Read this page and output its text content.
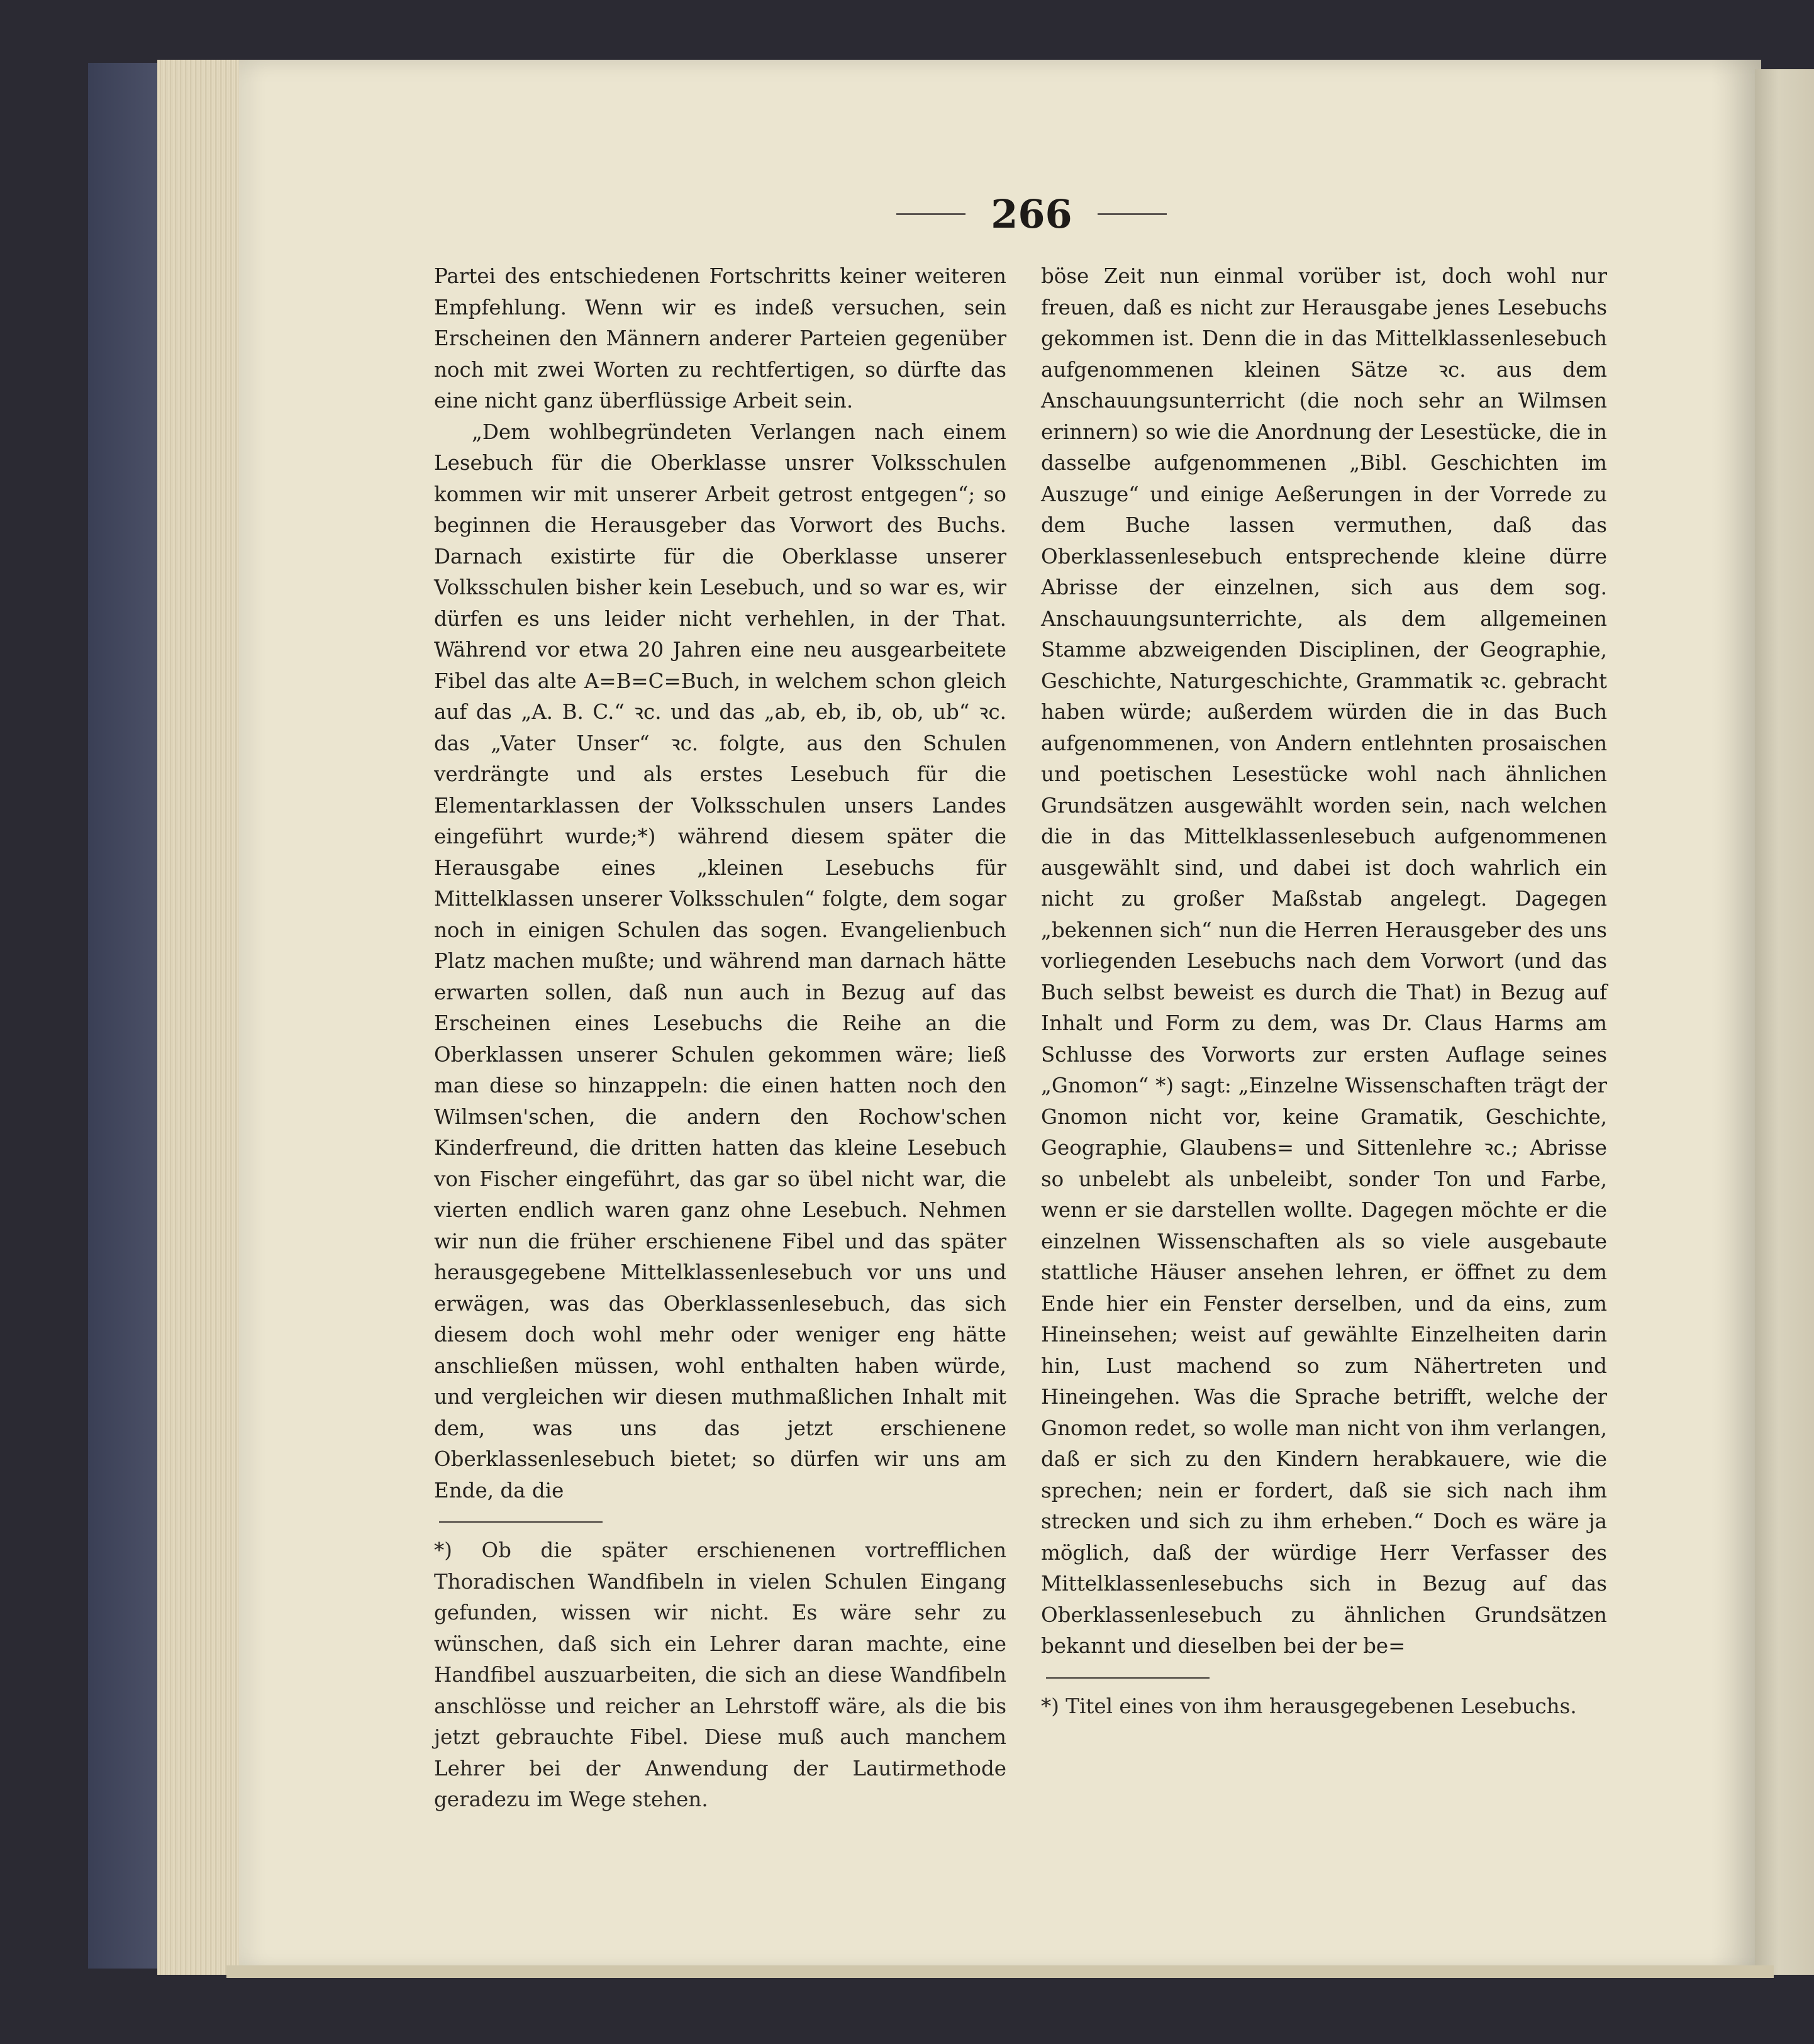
266

Partei des entschiedenen Fortschritts keiner weiteren Empfehlung. Wenn wir es indeß versuchen, sein Erscheinen den Männern anderer Parteien gegenüber noch mit zwei Worten zu rechtfertigen, so dürfte das eine nicht ganz überflüssige Arbeit sein.

„Dem wohlbegründeten Verlangen nach einem Lesebuch für die Oberklasse unsrer Volksschulen kommen wir mit unserer Arbeit getrost entgegen“; so beginnen die Herausgeber das Vorwort des Buchs. Darnach existirte für die Oberklasse unserer Volksschulen bisher kein Lesebuch, und so war es, wir dürfen es uns leider nicht verhehlen, in der That. Während vor etwa 20 Jahren eine neu ausgearbeitete Fibel das alte A=B=C=Buch, in welchem schon gleich auf das „A. B. C.“ ꝛc. und das „ab, eb, ib, ob, ub“ ꝛc. das „Vater Unser“ ꝛc. folgte, aus den Schulen verdrängte und als erstes Lesebuch für die Elementarklassen der Volksschulen unsers Landes eingeführt wurde;*) während diesem später die Herausgabe eines „kleinen Lesebuchs für Mittelklassen unserer Volksschulen“ folgte, dem sogar noch in einigen Schulen das sogen. Evangelienbuch Platz machen mußte; und während man darnach hätte erwarten sollen, daß nun auch in Bezug auf das Erscheinen eines Lesebuchs die Reihe an die Oberklassen unserer Schulen gekommen wäre; ließ man diese so hinzappeln: die einen hatten noch den Wilmsen'schen, die andern den Rochow'schen Kinderfreund, die dritten hatten das kleine Lesebuch von Fischer eingeführt, das gar so übel nicht war, die vierten endlich waren ganz ohne Lesebuch. Nehmen wir nun die früher erschienene Fibel und das später herausgegebene Mittelklassenlesebuch vor uns und erwägen, was das Oberklassenlesebuch, das sich diesem doch wohl mehr oder weniger eng hätte anschließen müssen, wohl enthalten haben würde, und vergleichen wir diesen muthmaßlichen Inhalt mit dem, was uns das jetzt erschienene Oberklassenlesebuch bietet; so dürfen wir uns am Ende, da die

*) Ob die später erschienenen vortrefflichen Thoradischen Wandfibeln in vielen Schulen Eingang gefunden, wissen wir nicht. Es wäre sehr zu wünschen, daß sich ein Lehrer daran machte, eine Handfibel auszuarbeiten, die sich an diese Wandfibeln anschlösse und reicher an Lehrstoff wäre, als die bis jetzt gebrauchte Fibel. Diese muß auch manchem Lehrer bei der Anwendung der Lautirmethode geradezu im Wege stehen.

böse Zeit nun einmal vorüber ist, doch wohl nur freuen, daß es nicht zur Herausgabe jenes Lesebuchs gekommen ist. Denn die in das Mittelklassenlesebuch aufgenommenen kleinen Sätze ꝛc. aus dem Anschauungsunterricht (die noch sehr an Wilmsen erinnern) so wie die Anordnung der Lesestücke, die in dasselbe aufgenommenen „Bibl. Geschichten im Auszuge“ und einige Aeßerungen in der Vorrede zu dem Buche lassen vermuthen, daß das Oberklassenlesebuch entsprechende kleine dürre Abrisse der einzelnen, sich aus dem sog. Anschauungsunterrichte, als dem allgemeinen Stamme abzweigenden Disciplinen, der Geographie, Geschichte, Naturgeschichte, Grammatik ꝛc. gebracht haben würde; außerdem würden die in das Buch aufgenommenen, von Andern entlehnten prosaischen und poetischen Lesestücke wohl nach ähnlichen Grundsätzen ausgewählt worden sein, nach welchen die in das Mittelklassenlesebuch aufgenommenen ausgewählt sind, und dabei ist doch wahrlich ein nicht zu großer Maßstab angelegt. Dagegen „bekennen sich“ nun die Herren Herausgeber des uns vorliegenden Lesebuchs nach dem Vorwort (und das Buch selbst beweist es durch die That) in Bezug auf Inhalt und Form zu dem, was Dr. Claus Harms am Schlusse des Vorworts zur ersten Auflage seines „Gnomon“ *) sagt: „Einzelne Wissenschaften trägt der Gnomon nicht vor, keine Gramatik, Geschichte, Geographie, Glaubens= und Sittenlehre ꝛc.; Abrisse so unbelebt als unbeleibt, sonder Ton und Farbe, wenn er sie darstellen wollte. Dagegen möchte er die einzelnen Wissenschaften als so viele ausgebaute stattliche Häuser ansehen lehren, er öffnet zu dem Ende hier ein Fenster derselben, und da eins, zum Hineinsehen; weist auf gewählte Einzelheiten darin hin, Lust machend so zum Nähertreten und Hineingehen. Was die Sprache betrifft, welche der Gnomon redet, so wolle man nicht von ihm verlangen, daß er sich zu den Kindern herabkauere, wie die sprechen; nein er fordert, daß sie sich nach ihm strecken und sich zu ihm erheben.“ Doch es wäre ja möglich, daß der würdige Herr Verfasser des Mittelklassenlesebuchs sich in Bezug auf das Oberklassenlesebuch zu ähnlichen Grundsätzen bekannt und dieselben bei der be=

*) Titel eines von ihm herausgegebenen Lesebuchs.
